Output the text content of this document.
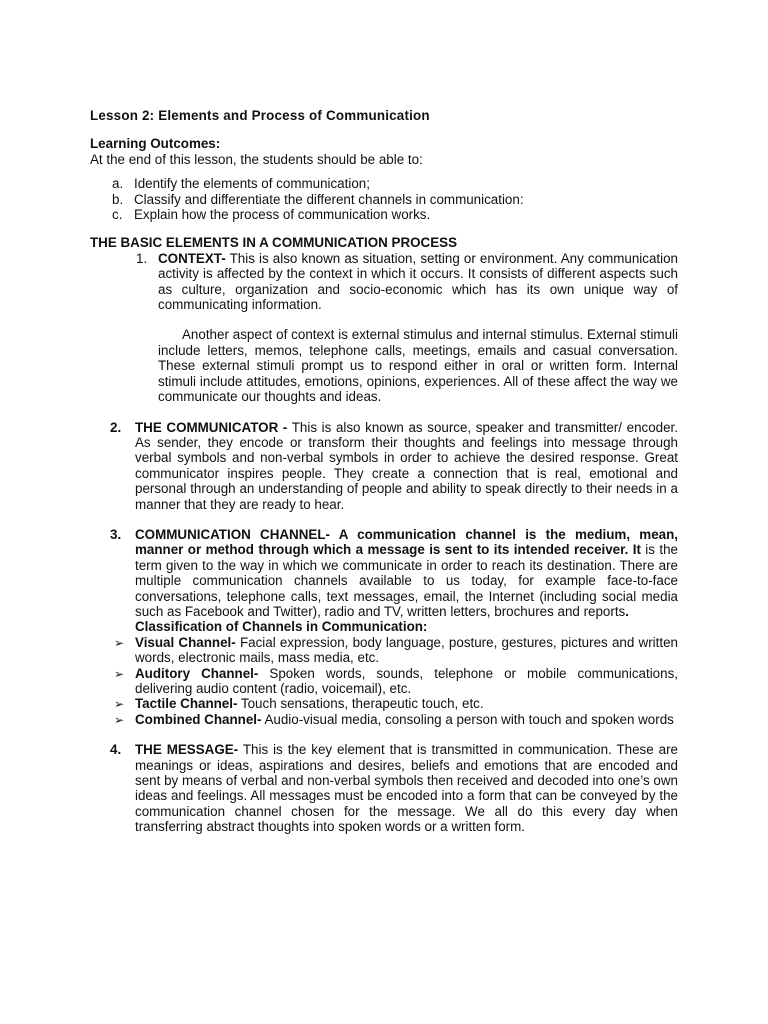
Lesson 2: Elements and Process of Communication

Learning Outcomes:

At the end of this lesson, the students should be able to:

a. Identify the elements of communication;

b. Classify and differentiate the different channels in communication:

c. Explain how the process of communication works.

THE BASIC ELEMENTS IN A COMMUNICATION PROCESS

1. CONTEXT- This is also known as situation, setting or environment. Any communication activity is affected by the context in which it occurs. It consists of different aspects such as culture, organization and socio-economic which has its own unique way of communicating information.

Another aspect of context is external stimulus and internal stimulus. External stimuli include letters, memos, telephone calls, meetings, emails and casual conversation. These external stimuli prompt us to respond either in oral or written form. Internal stimuli include attitudes, emotions, opinions, experiences. All of these affect the way we communicate our thoughts and ideas.

2. THE COMMUNICATOR - This is also known as source, speaker and transmitter/ encoder. As sender, they encode or transform their thoughts and feelings into message through verbal symbols and non-verbal symbols in order to achieve the desired response. Great communicator inspires people. They create a connection that is real, emotional and personal through an understanding of people and ability to speak directly to their needs in a manner that they are ready to hear.

3. COMMUNICATION CHANNEL- A communication channel is the medium, mean, manner or method through which a message is sent to its intended receiver. It is the term given to the way in which we communicate in order to reach its destination. There are multiple communication channels available to us today, for example face-to-face conversations, telephone calls, text messages, email, the Internet (including social media such as Facebook and Twitter), radio and TV, written letters, brochures and reports.

Classification of Channels in Communication:

➢ Visual Channel- Facial expression, body language, posture, gestures, pictures and written words, electronic mails, mass media, etc.

➢ Auditory Channel- Spoken words, sounds, telephone or mobile communications, delivering audio content (radio, voicemail), etc.

➢ Tactile Channel- Touch sensations, therapeutic touch, etc.

➢ Combined Channel- Audio-visual media, consoling a person with touch and spoken words

4. THE MESSAGE- This is the key element that is transmitted in communication. These are meanings or ideas, aspirations and desires, beliefs and emotions that are encoded and sent by means of verbal and non-verbal symbols then received and decoded into one’s own ideas and feelings. All messages must be encoded into a form that can be conveyed by the communication channel chosen for the message. We all do this every day when transferring abstract thoughts into spoken words or a written form.
